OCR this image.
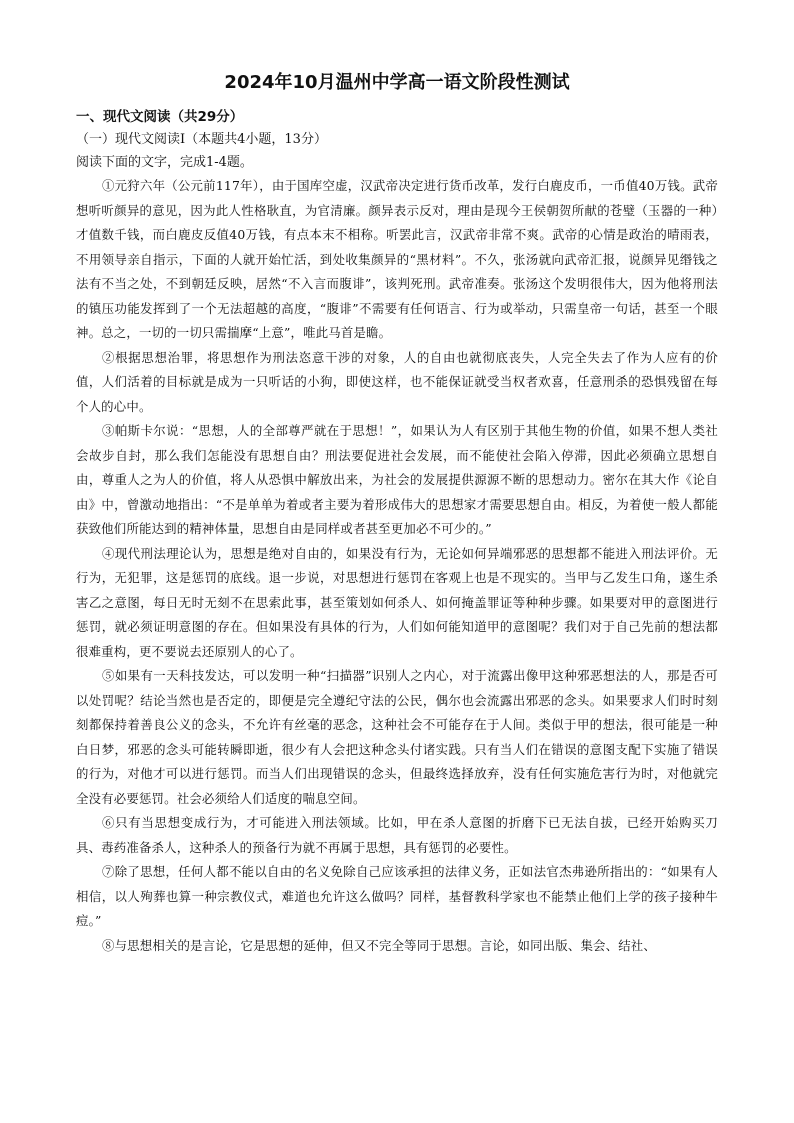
2024年10月温州中学高一语文阶段性测试
一、现代文阅读（共29分）
（一）现代文阅读Ⅰ（本题共4小题，13分）
阅读下面的文字，完成1-4题。

①元狩六年（公元前117年），由于国库空虚，汉武帝决定进行货币改革，发行白鹿皮币，一币值40万钱。武帝想听听颜异的意见，因为此人性格耿直，为官清廉。颜异表示反对，理由是现今王侯朝贺所献的苍璧（玉器的一种）才值数千钱，而白鹿皮反值40万钱，有点本末不相称。听罢此言，汉武帝非常不爽。武帝的心情是政治的晴雨表，不用领导亲自指示，下面的人就开始忙活，到处收集颜异的“黑材料”。不久，张汤就向武帝汇报，说颜异见缗钱之法有不当之处，不到朝廷反映，居然“不入言而腹诽”，该判死刑。武帝准奏。张汤这个发明很伟大，因为他将刑法的镇压功能发挥到了一个无法超越的高度，“腹诽”不需要有任何语言、行为或举动，只需皇帝一句话，甚至一个眼神。总之，一切的一切只需揣摩“上意”，唯此马首是瞻。

②根据思想治罪，将思想作为刑法恣意干涉的对象，人的自由也就彻底丧失，人完全失去了作为人应有的价值，人们活着的目标就是成为一只听话的小狗，即使这样，也不能保证就受当权者欢喜，任意刑杀的恐惧残留在每个人的心中。

③帕斯卡尔说：“思想，人的全部尊严就在于思想！”，如果认为人有区别于其他生物的价值，如果不想人类社会故步自封，那么我们怎能没有思想自由？刑法要促进社会发展，而不能使社会陷入停滞，因此必须确立思想自由，尊重人之为人的价值，将人从恐惧中解放出来，为社会的发展提供源源不断的思想动力。密尔在其大作《论自由》中，曾激动地指出：“不是单单为着或者主要为着形成伟大的思想家才需要思想自由。相反，为着使一般人都能获致他们所能达到的精神体量，思想自由是同样或者甚至更加必不可少的。”

④现代刑法理论认为，思想是绝对自由的，如果没有行为，无论如何异端邪恶的思想都不能进入刑法评价。无行为，无犯罪，这是惩罚的底线。退一步说，对思想进行惩罚在客观上也是不现实的。当甲与乙发生口角，遂生杀害乙之意图，每日无时无刻不在思索此事，甚至策划如何杀人、如何掩盖罪证等种种步骤。如果要对甲的意图进行惩罚，就必须证明意图的存在。但如果没有具体的行为，人们如何能知道甲的意图呢？我们对于自己先前的想法都很难重构，更不要说去还原别人的心了。

⑤如果有一天科技发达，可以发明一种“扫描器”识别人之内心，对于流露出像甲这种邪恶想法的人，那是否可以处罚呢？结论当然也是否定的，即便是完全遵纪守法的公民，偶尔也会流露出邪恶的念头。如果要求人们时时刻刻都保持着善良公义的念头，不允许有丝毫的恶念，这种社会不可能存在于人间。类似于甲的想法，很可能是一种白日梦，邪恶的念头可能转瞬即逝，很少有人会把这种念头付诸实践。只有当人们在错误的意图支配下实施了错误的行为，对他才可以进行惩罚。而当人们出现错误的念头，但最终选择放弃，没有任何实施危害行为时，对他就完全没有必要惩罚。社会必须给人们适度的喘息空间。

⑥只有当思想变成行为，才可能进入刑法领域。比如，甲在杀人意图的折磨下已无法自拔，已经开始购买刀具、毒药准备杀人，这种杀人的预备行为就不再属于思想，具有惩罚的必要性。

⑦除了思想，任何人都不能以自由的名义免除自己应该承担的法律义务，正如法官杰弗逊所指出的：“如果有人相信，以人殉葬也算一种宗教仪式，难道也允许这么做吗？同样，基督教科学家也不能禁止他们上学的孩子接种牛痘。”

⑧与思想相关的是言论，它是思想的延伸，但又不完全等同于思想。言论，如同出版、集会、结社、
